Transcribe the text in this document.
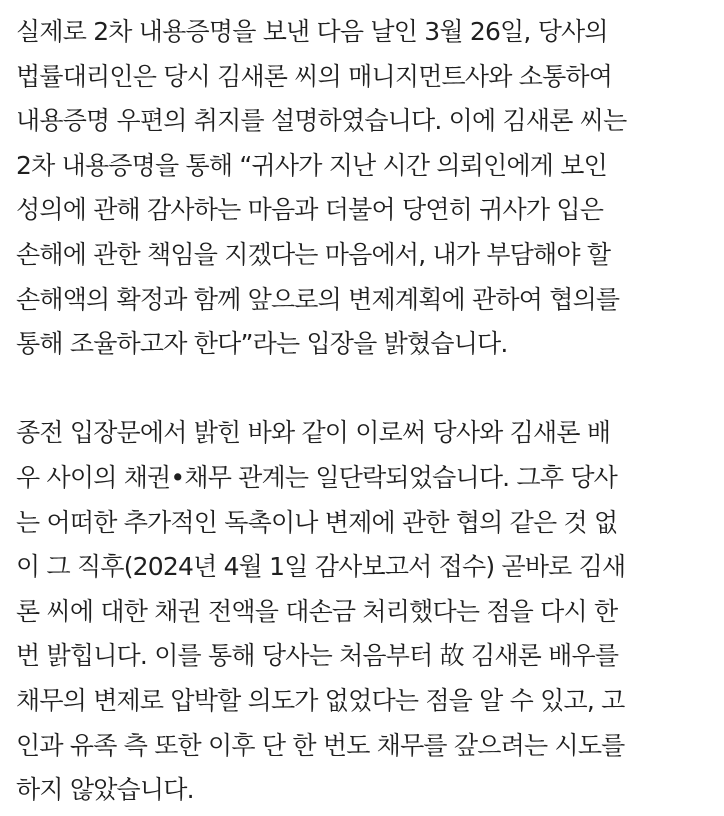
실제로 2차 내용증명을 보낸 다음 날인 3월 26일, 당사의
법률대리인은 당시 김새론 씨의 매니지먼트사와 소통하여
내용증명 우편의 취지를 설명하였습니다. 이에 김새론 씨는
2차 내용증명을 통해 “귀사가 지난 시간 의뢰인에게 보인
성의에 관해 감사하는 마음과 더불어 당연히 귀사가 입은
손해에 관한 책임을 지겠다는 마음에서, 내가 부담해야 할
손해액의 확정과 함께 앞으로의 변제계획에 관하여 협의를
통해 조율하고자 한다”라는 입장을 밝혔습니다.
종전 입장문에서 밝힌 바와 같이 이로써 당사와 김새론 배
우 사이의 채권•채무 관계는 일단락되었습니다. 그후 당사
는 어떠한 추가적인 독촉이나 변제에 관한 협의 같은 것 없
이 그 직후(2024년 4월 1일 감사보고서 접수) 곧바로 김새
론 씨에 대한 채권 전액을 대손금 처리했다는 점을 다시 한
번 밝힙니다. 이를 통해 당사는 처음부터 故 김새론 배우를
채무의 변제로 압박할 의도가 없었다는 점을 알 수 있고, 고
인과 유족 측 또한 이후 단 한 번도 채무를 갚으려는 시도를
하지 않았습니다.
